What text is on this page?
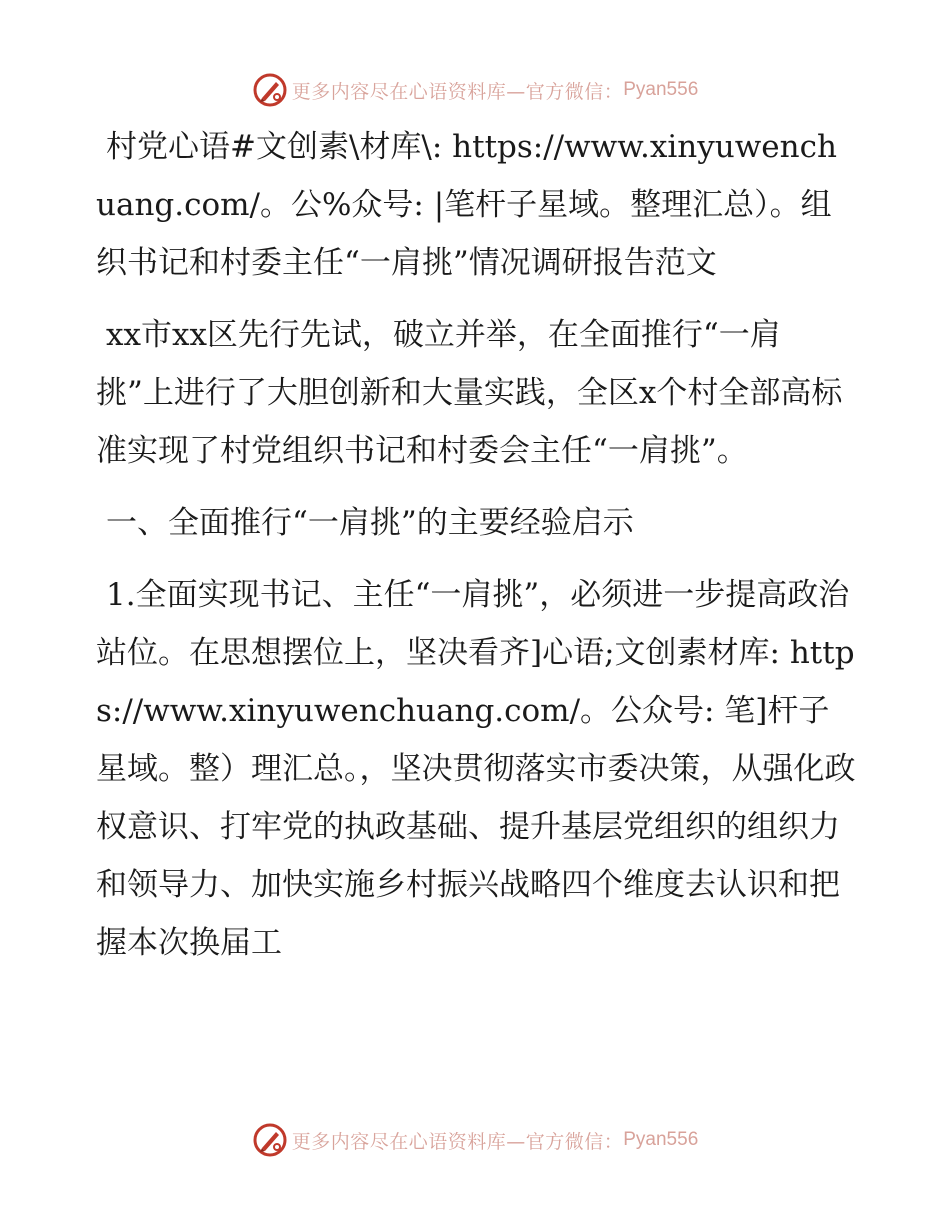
更多内容尽在心语资料库—官方微信： Pyan556

村党心语#文创素\材库\: https://www.xinyuwenchuang.com/。公%众号: |笔杆子星域。整理汇总）。组织书记和村委主任“一肩挑”情况调研报告范文

xx市xx区先行先试，破立并举，在全面推行“一肩挑”上进行了大胆创新和大量实践，全区x个村全部高标准实现了村党组织书记和村委会主任“一肩挑”。

一、全面推行“一肩挑”的主要经验启示

1.全面实现书记、主任“一肩挑”，必须进一步提高政治站位。在思想摆位上，坚决看齐]心语;文创素材库: https://www.xinyuwenchuang.com/。公众号: 笔]杆子星域。整）理汇总。，坚决贯彻落实市委决策，从强化政权意识、打牢党的执政基础、提升基层党组织的组织力和领导力、加快实施乡村振兴战略四个维度去认识和把握本次换届工

更多内容尽在心语资料库—官方微信： Pyan556
